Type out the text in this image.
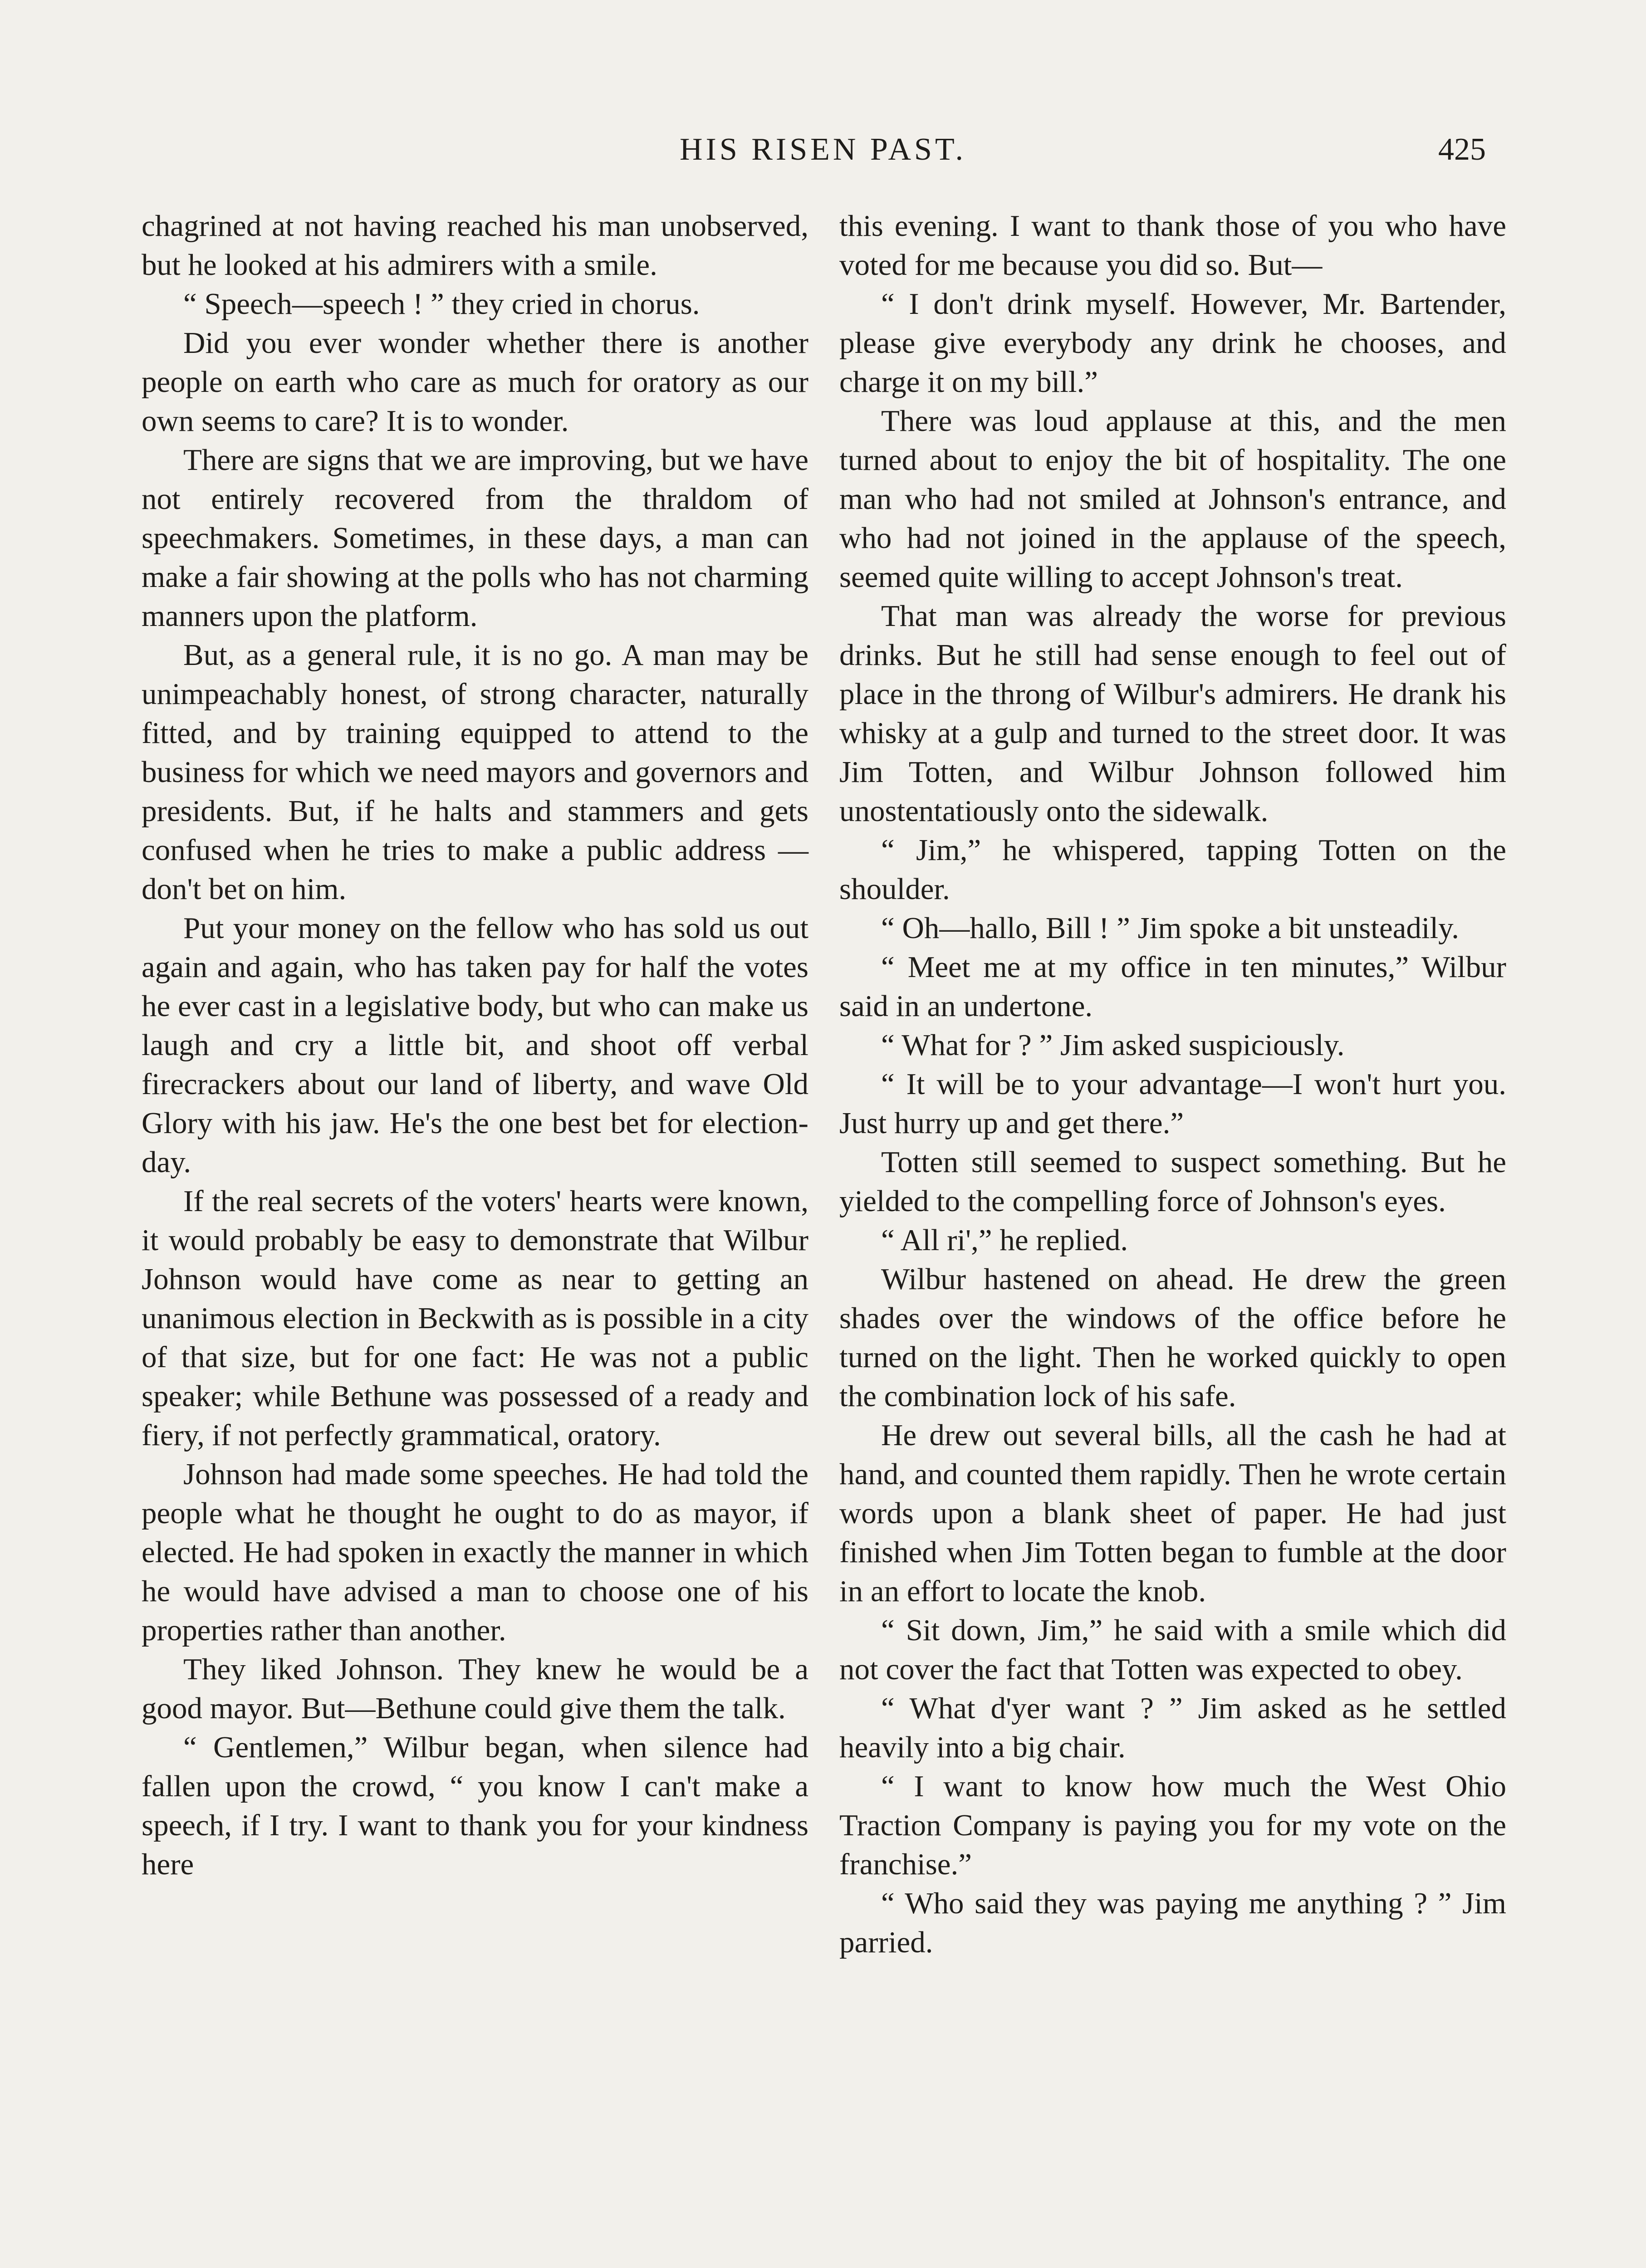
HIS RISEN PAST.	425

chagrined at not having reached his man unobserved, but he looked at his admirers with a smile.

“ Speech—speech ! ” they cried in chorus.

Did you ever wonder whether there is another people on earth who care as much for oratory as our own seems to care? It is to wonder.

There are signs that we are improving, but we have not entirely recovered from the thraldom of speechmakers. Sometimes, in these days, a man can make a fair showing at the polls who has not charming manners upon the platform.

But, as a general rule, it is no go. A man may be unimpeachably honest, of strong character, naturally fitted, and by training equipped to attend to the business for which we need mayors and governors and presidents. But, if he halts and stammers and gets confused when he tries to make a public address — don't bet on him.

Put your money on the fellow who has sold us out again and again, who has taken pay for half the votes he ever cast in a legislative body, but who can make us laugh and cry a little bit, and shoot off verbal firecrackers about our land of liberty, and wave Old Glory with his jaw. He's the one best bet for election-day.

If the real secrets of the voters' hearts were known, it would probably be easy to demonstrate that Wilbur Johnson would have come as near to getting an unanimous election in Beckwith as is possible in a city of that size, but for one fact: He was not a public speaker; while Bethune was possessed of a ready and fiery, if not perfectly grammatical, oratory.

Johnson had made some speeches. He had told the people what he thought he ought to do as mayor, if elected. He had spoken in exactly the manner in which he would have advised a man to choose one of his properties rather than another.

They liked Johnson. They knew he would be a good mayor. But—Bethune could give them the talk.

“ Gentlemen,” Wilbur began, when silence had fallen upon the crowd, “ you know I can't make a speech, if I try. I want to thank you for your kindness here

this evening. I want to thank those of you who have voted for me because you did so. But—

“ I don't drink myself. However, Mr. Bartender, please give everybody any drink he chooses, and charge it on my bill.”

There was loud applause at this, and the men turned about to enjoy the bit of hospitality. The one man who had not smiled at Johnson's entrance, and who had not joined in the applause of the speech, seemed quite willing to accept Johnson's treat.

That man was already the worse for previous drinks. But he still had sense enough to feel out of place in the throng of Wilbur's admirers. He drank his whisky at a gulp and turned to the street door. It was Jim Totten, and Wilbur Johnson followed him unostentatiously onto the sidewalk.

“ Jim,” he whispered, tapping Totten on the shoulder.

“ Oh—hallo, Bill ! ” Jim spoke a bit unsteadily.

“ Meet me at my office in ten minutes,” Wilbur said in an undertone.

“ What for ? ” Jim asked suspiciously.

“ It will be to your advantage—I won't hurt you. Just hurry up and get there.”

Totten still seemed to suspect something. But he yielded to the compelling force of Johnson's eyes.

“ All ri',” he replied.

Wilbur hastened on ahead. He drew the green shades over the windows of the office before he turned on the light. Then he worked quickly to open the combination lock of his safe.

He drew out several bills, all the cash he had at hand, and counted them rapidly. Then he wrote certain words upon a blank sheet of paper. He had just finished when Jim Totten began to fumble at the door in an effort to locate the knob.

“ Sit down, Jim,” he said with a smile which did not cover the fact that Totten was expected to obey.

“ What d'yer want ? ” Jim asked as he settled heavily into a big chair.

“ I want to know how much the West Ohio Traction Company is paying you for my vote on the franchise.”

“ Who said they was paying me anything ? ” Jim parried.
